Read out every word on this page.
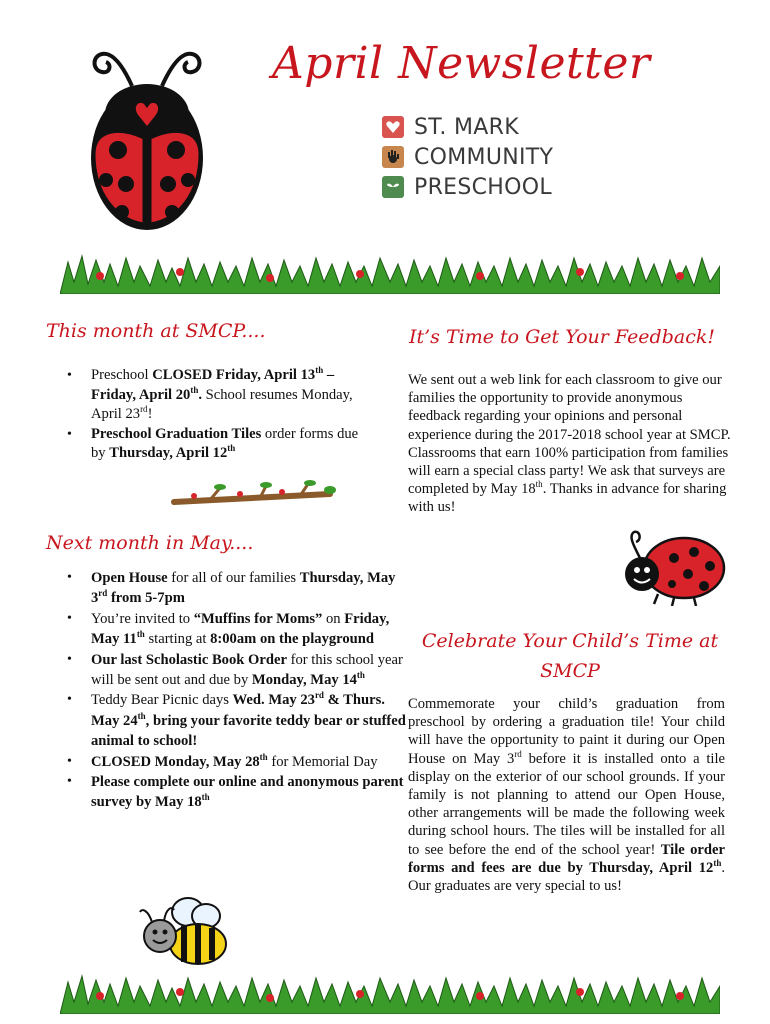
April Newsletter
ST. MARK
COMMUNITY
PRESCHOOL
This month at SMCP....
• Preschool CLOSED Friday, April 13th – Friday, April 20th. School resumes Monday, April 23rd!
• Preschool Graduation Tiles order forms due by Thursday, April 12th
Next month in May....
• Open House for all of our families Thursday, May 3rd from 5-7pm
• You’re invited to “Muffins for Moms” on Friday, May 11th starting at 8:00am on the playground
• Our last Scholastic Book Order for this school year will be sent out and due by Monday, May 14th
• Teddy Bear Picnic days Wed. May 23rd & Thurs. May 24th, bring your favorite teddy bear or stuffed animal to school!
• CLOSED Monday, May 28th for Memorial Day
• Please complete our online and anonymous parent survey by May 18th
It’s Time to Get Your Feedback!
We sent out a web link for each classroom to give our families the opportunity to provide anonymous feedback regarding your opinions and personal experience during the 2017-2018 school year at SMCP. Classrooms that earn 100% participation from families will earn a special class party! We ask that surveys are completed by May 18th. Thanks in advance for sharing with us!
Celebrate Your Child’s Time at
SMCP
Commemorate your child’s graduation from preschool by ordering a graduation tile! Your child will have the opportunity to paint it during our Open House on May 3rd before it is installed onto a tile display on the exterior of our school grounds. If your family is not planning to attend our Open House, other arrangements will be made the following week during school hours. The tiles will be installed for all to see before the end of the school year! Tile order forms and fees are due by Thursday, April 12th. Our graduates are very special to us!
